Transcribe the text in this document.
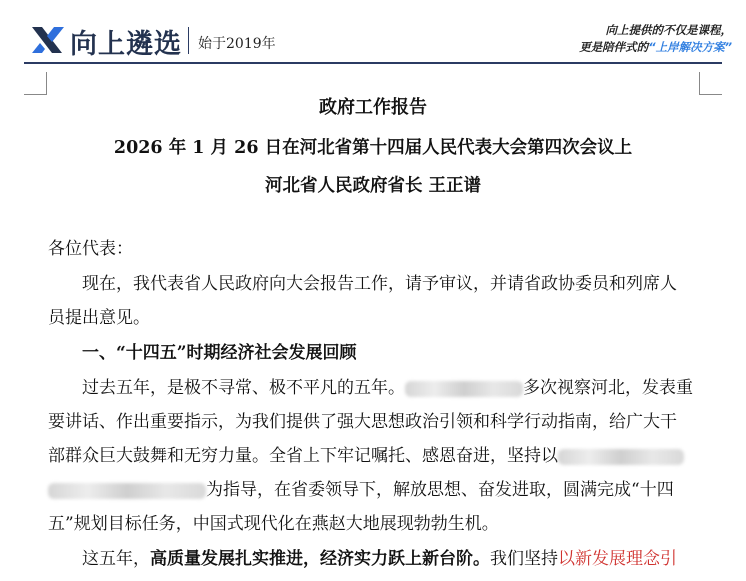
向上遴选 始于2019年
向上提供的不仅是课程，
更是陪伴式的“上岸解决方案”
政府工作报告
2026 年 1 月 26 日在河北省第十四届人民代表大会第四次会议上
河北省人民政府省长 王正谱
各位代表：
现在，我代表省人民政府向大会报告工作，请予审议，并请省政协委员和列席人
员提出意见。
一、“十四五”时期经济社会发展回顾
过去五年，是极不寻常、极不平凡的五年。	多次视察河北，发表重
要讲话、作出重要指示，为我们提供了强大思想政治引领和科学行动指南，给广大干
部群众巨大鼓舞和无穷力量。全省上下牢记嘱托、感恩奋进，坚持以
为指导，在省委领导下，解放思想、奋发进取，圆满完成“十四
五”规划目标任务，中国式现代化在燕赵大地展现勃勃生机。
这五年，高质量发展扎实推进，经济实力跃上新台阶。我们坚持以新发展理念引
